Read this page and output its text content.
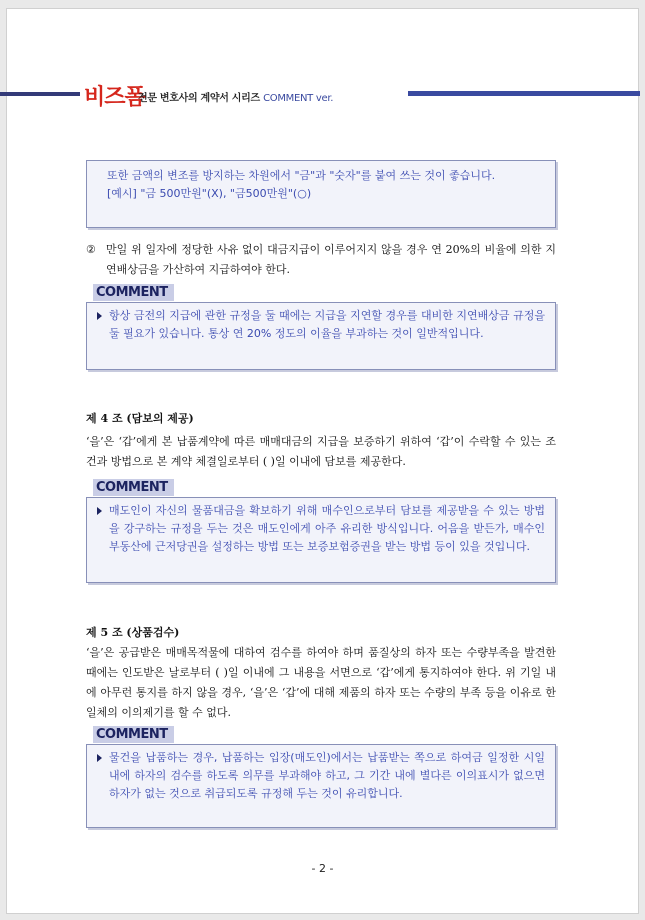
비즈폼
전문 변호사의 계약서 시리즈 COMMENT ver.

또한 금액의 변조를 방지하는 차원에서 "금"과 "숫자"를 붙여 쓰는 것이 좋습니다.

[예시] "금 500만원"(X), "금500만원"(○)

② 만일 위 일자에 정당한 사유 없이 대금지급이 이루어지지 않을 경우 연 20%의 비율에 의한 지연배상금을 가산하여 지급하여야 한다.
COMMENT

항상 금전의 지급에 관한 규정을 둘 때에는 지급을 지연할 경우를 대비한 지연배상금 규정을 둘 필요가 있습니다. 통상 연 20% 정도의 이율을 부과하는 것이 일반적입니다.

제 4 조 (담보의 제공)
‘을’은 ‘갑’에게 본 납품계약에 따른 매매대금의 지급을 보증하기 위하여 ‘갑’이 수락할 수 있는 조건과 방법으로 본 계약 체결일로부터 ( )일 이내에 담보를 제공한다.
COMMENT

매도인이 자신의 물품대금을 확보하기 위해 매수인으로부터 담보를 제공받을 수 있는 방법을 강구하는 규정을 두는 것은 매도인에게 아주 유리한 방식입니다. 어음을 받든가, 매수인 부동산에 근저당권을 설정하는 방법 또는 보증보험증권을 받는 방법 등이 있을 것입니다.

제 5 조 (상품검수)
‘을’은 공급받은 매매목적물에 대하여 검수를 하여야 하며 품질상의 하자 또는 수량부족을 발견한 때에는 인도받은 날로부터 ( )일 이내에 그 내용을 서면으로 ‘갑’에게 통지하여야 한다. 위 기일 내에 아무런 통지를 하지 않을 경우, ‘을’은 ‘갑’에 대해 제품의 하자 또는 수량의 부족 등을 이유로 한 일체의 이의제기를 할 수 없다.
COMMENT

물건을 납품하는 경우, 납품하는 입장(매도인)에서는 납품받는 쪽으로 하여금 일정한 시일 내에 하자의 검수를 하도록 의무를 부과해야 하고, 그 기간 내에 별다른 이의표시가 없으면 하자가 없는 것으로 취급되도록 규정해 두는 것이 유리합니다.

- 2 -
